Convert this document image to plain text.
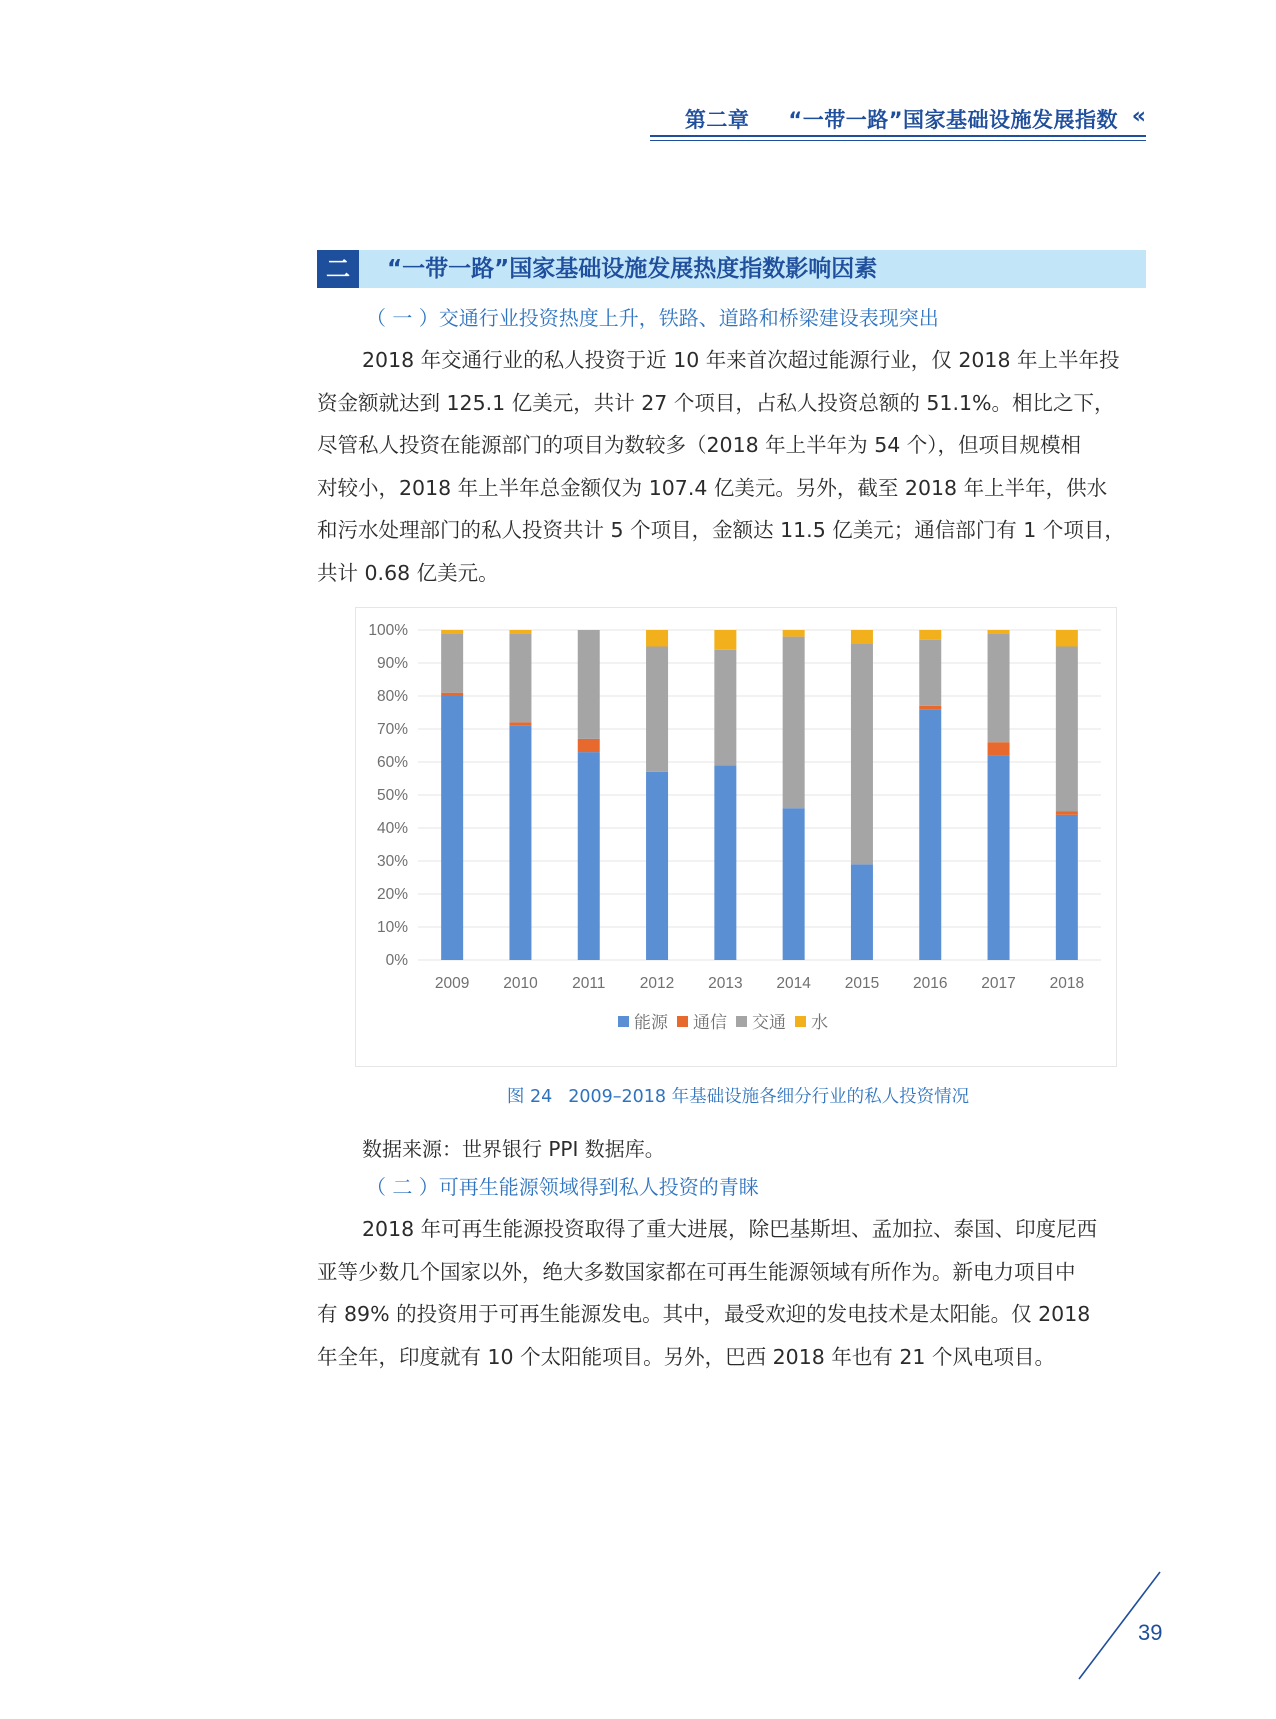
第二章 “一带一路”国家基础设施发展指数 «
二	“一带一路”国家基础设施发展热度指数影响因素
（ 一 ）交通行业投资热度上升，铁路、道路和桥梁建设表现突出
2018 年交通行业的私人投资于近 10 年来首次超过能源行业，仅 2018 年上半年投
资金额就达到 125.1 亿美元，共计 27 个项目，占私人投资总额的 51.1%。相比之下，
尽管私人投资在能源部门的项目为数较多（2018 年上半年为 54 个），但项目规模相
对较小，2018 年上半年总金额仅为 107.4 亿美元。另外，截至 2018 年上半年，供水
和污水处理部门的私人投资共计 5 个项目，金额达 11.5 亿美元；通信部门有 1 个项目，
共计 0.68 亿美元。
0%
10%
20%
30%
40%
50%
60%
70%
80%
90%
100%
2009 2010 2011 2012 2013 2014 2015 2016 2017 2018
能源 通信 交通 水
图 24 2009–2018 年基础设施各细分行业的私人投资情况
数据来源：世界银行 PPI 数据库。
（ 二 ）可再生能源领域得到私人投资的青睐
2018 年可再生能源投资取得了重大进展，除巴基斯坦、孟加拉、泰国、印度尼西
亚等少数几个国家以外，绝大多数国家都在可再生能源领域有所作为。新电力项目中
有 89% 的投资用于可再生能源发电。其中，最受欢迎的发电技术是太阳能。仅 2018
年全年，印度就有 10 个太阳能项目。另外，巴西 2018 年也有 21 个风电项目。
39
